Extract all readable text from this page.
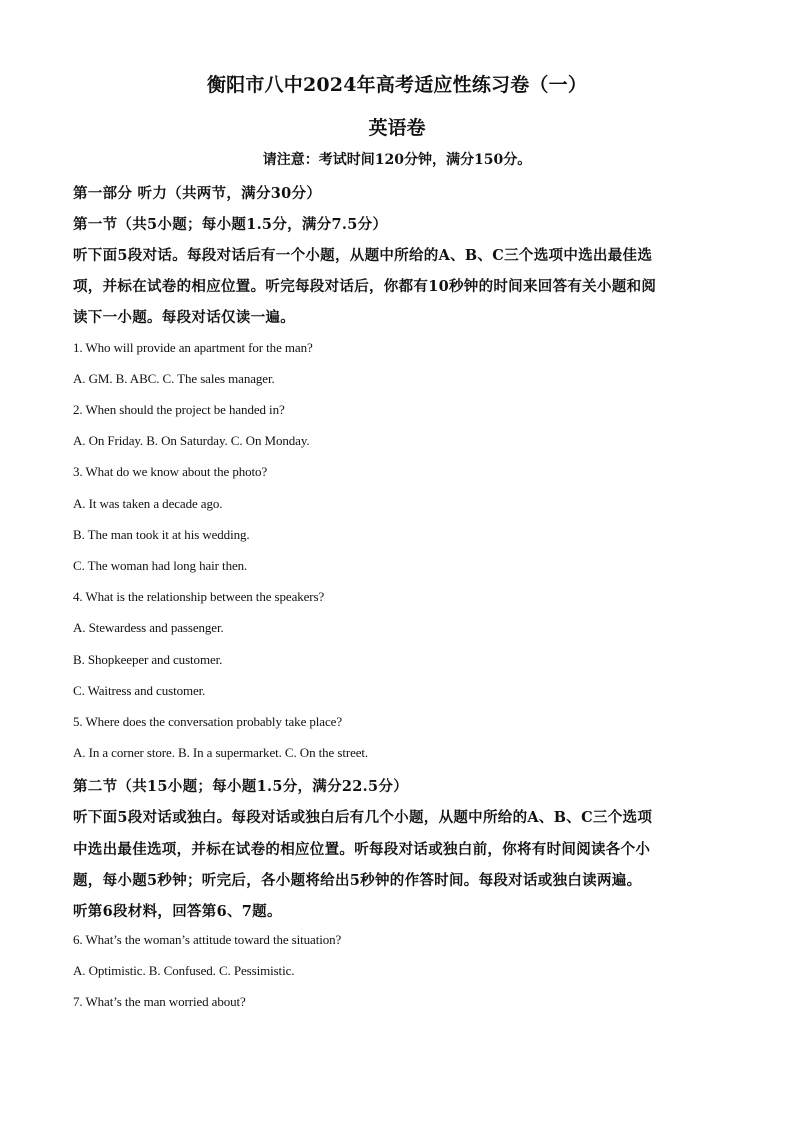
衡阳市八中2024年高考适应性练习卷（一）
英语卷
请注意：考试时间120分钟，满分150分。
第一部分 听力（共两节，满分30分）
第一节（共5小题；每小题1.5分，满分7.5分）
听下面5段对话。每段对话后有一个小题，从题中所给的A、B、C三个选项中选出最佳选
项，并标在试卷的相应位置。听完每段对话后，你都有10秒钟的时间来回答有关小题和阅
读下一小题。每段对话仅读一遍。
1. Who will provide an apartment for the man?
A. GM. B. ABC. C. The sales manager.
2. When should the project be handed in?
A. On Friday. B. On Saturday. C. On Monday.
3. What do we know about the photo?
A. It was taken a decade ago.
B. The man took it at his wedding.
C. The woman had long hair then.
4. What is the relationship between the speakers?
A. Stewardess and passenger.
B. Shopkeeper and customer.
C. Waitress and customer.
5. Where does the conversation probably take place?
A. In a corner store. B. In a supermarket. C. On the street.
第二节（共15小题；每小题1.5分，满分22.5分）
听下面5段对话或独白。每段对话或独白后有几个小题，从题中所给的A、B、C三个选项
中选出最佳选项，并标在试卷的相应位置。听每段对话或独白前，你将有时间阅读各个小
题，每小题5秒钟；听完后，各小题将给出5秒钟的作答时间。每段对话或独白读两遍。
听第6段材料，回答第6、7题。
6. What’s the woman’s attitude toward the situation?
A. Optimistic. B. Confused. C. Pessimistic.
7. What’s the man worried about?
